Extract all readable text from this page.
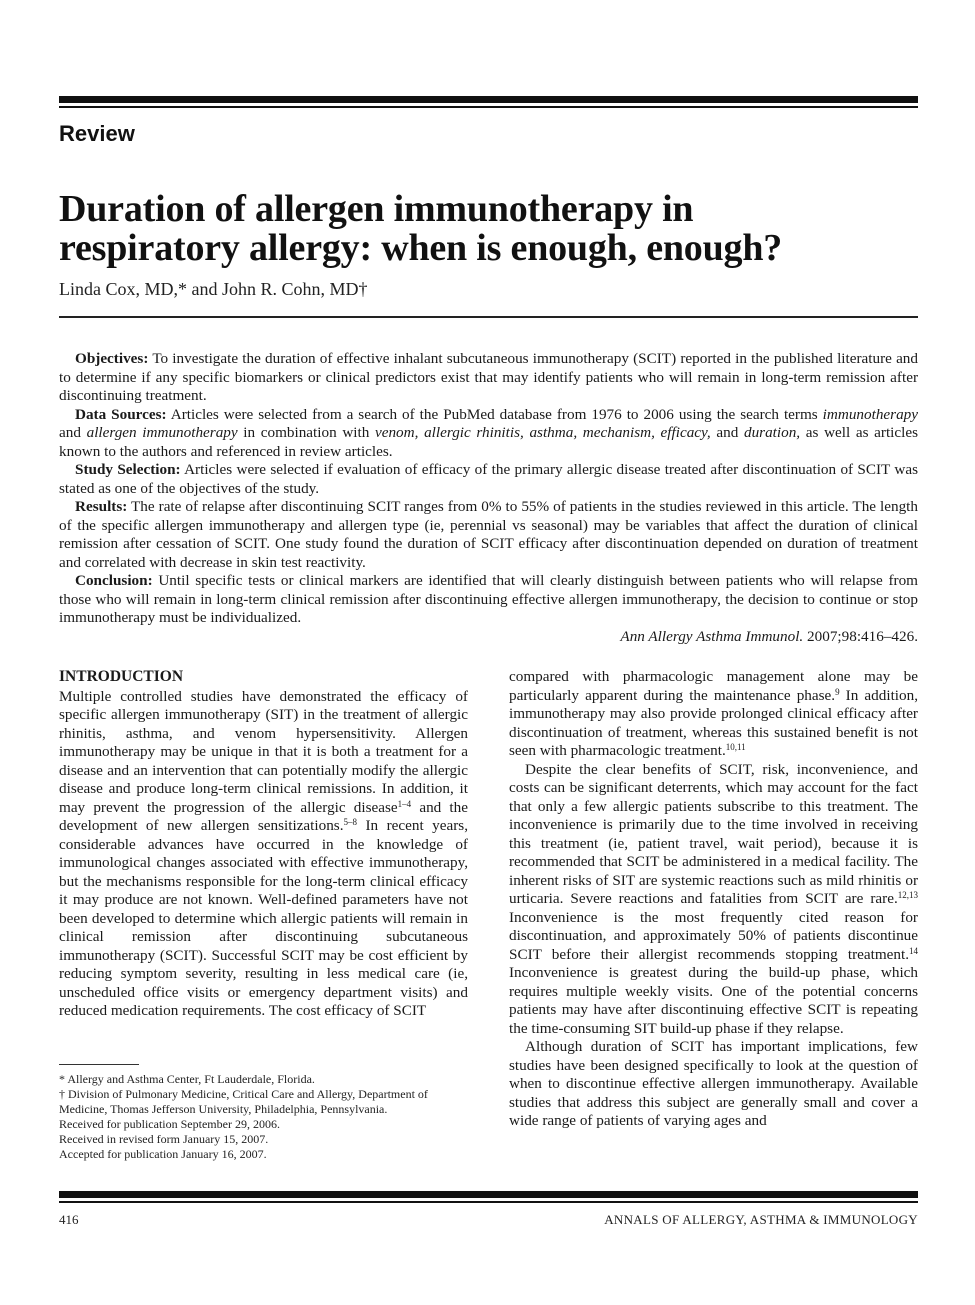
Review
Duration of allergen immunotherapy in
respiratory allergy: when is enough, enough?
Linda Cox, MD,* and John R. Cohn, MD†

Objectives: To investigate the duration of effective inhalant subcutaneous immunotherapy (SCIT) reported in the published literature and to determine if any specific biomarkers or clinical predictors exist that may identify patients who will remain in long-term remission after discontinuing treatment.

Data Sources: Articles were selected from a search of the PubMed database from 1976 to 2006 using the search terms immunotherapy and allergen immunotherapy in combination with venom, allergic rhinitis, asthma, mechanism, efficacy, and duration, as well as articles known to the authors and referenced in review articles.

Study Selection: Articles were selected if evaluation of efficacy of the primary allergic disease treated after discontinuation of SCIT was stated as one of the objectives of the study.

Results: The rate of relapse after discontinuing SCIT ranges from 0% to 55% of patients in the studies reviewed in this article. The length of the specific allergen immunotherapy and allergen type (ie, perennial vs seasonal) may be variables that affect the duration of clinical remission after cessation of SCIT. One study found the duration of SCIT efficacy after discontinuation depended on duration of treatment and correlated with decrease in skin test reactivity.

Conclusion: Until specific tests or clinical markers are identified that will clearly distinguish between patients who will relapse from those who will remain in long-term clinical remission after discontinuing effective allergen immunotherapy, the decision to continue or stop immunotherapy must be individualized.

Ann Allergy Asthma Immunol. 2007;98:416–426.
INTRODUCTION

Multiple controlled studies have demonstrated the efficacy of specific allergen immunotherapy (SIT) in the treatment of allergic rhinitis, asthma, and venom hypersensitivity. Allergen immunotherapy may be unique in that it is both a treatment for a disease and an intervention that can potentially modify the allergic disease and produce long-term clinical remissions. In addition, it may prevent the progression of the allergic disease$^{1-4}$ and the development of new allergen sensitizations.$^{5-8}$ In recent years, considerable advances have occurred in the knowledge of immunological changes associated with effective immunotherapy, but the mechanisms responsible for the long-term clinical efficacy it may produce are not known. Well-defined parameters have not been developed to determine which allergic patients will remain in clinical remission after discontinuing subcutaneous immunotherapy (SCIT). Successful SCIT may be cost efficient by reducing symptom severity, resulting in less medical care (ie, unscheduled office visits or emergency department visits) and reduced medication requirements. The cost efficacy of SCIT

compared with pharmacologic management alone may be particularly apparent during the maintenance phase.$^9$ In addition, immunotherapy may also provide prolonged clinical efficacy after discontinuation of treatment, whereas this sustained benefit is not seen with pharmacologic treatment.$^{10,11}$

Despite the clear benefits of SCIT, risk, inconvenience, and costs can be significant deterrents, which may account for the fact that only a few allergic patients subscribe to this treatment. The inconvenience is primarily due to the time involved in receiving this treatment (ie, patient travel, wait period), because it is recommended that SCIT be administered in a medical facility. The inherent risks of SIT are systemic reactions such as mild rhinitis or urticaria. Severe reactions and fatalities from SCIT are rare.$^{12,13}$ Inconvenience is the most frequently cited reason for discontinuation, and approximately 50% of patients discontinue SCIT before their allergist recommends stopping treatment.$^{14}$ Inconvenience is greatest during the build-up phase, which requires multiple weekly visits. One of the potential concerns patients may have after discontinuing effective SCIT is repeating the time-consuming SIT build-up phase if they relapse.

Although duration of SCIT has important implications, few studies have been designed specifically to look at the question of when to discontinue effective allergen immunotherapy. Available studies that address this subject are generally small and cover a wide range of patients of varying ages and

* Allergy and Asthma Center, Ft Lauderdale, Florida.

† Division of Pulmonary Medicine, Critical Care and Allergy, Department of Medicine, Thomas Jefferson University, Philadelphia, Pennsylvania.

Received for publication September 29, 2006.

Received in revised form January 15, 2007.

Accepted for publication January 16, 2007.

416	ANNALS OF ALLERGY, ASTHMA & IMMUNOLOGY
